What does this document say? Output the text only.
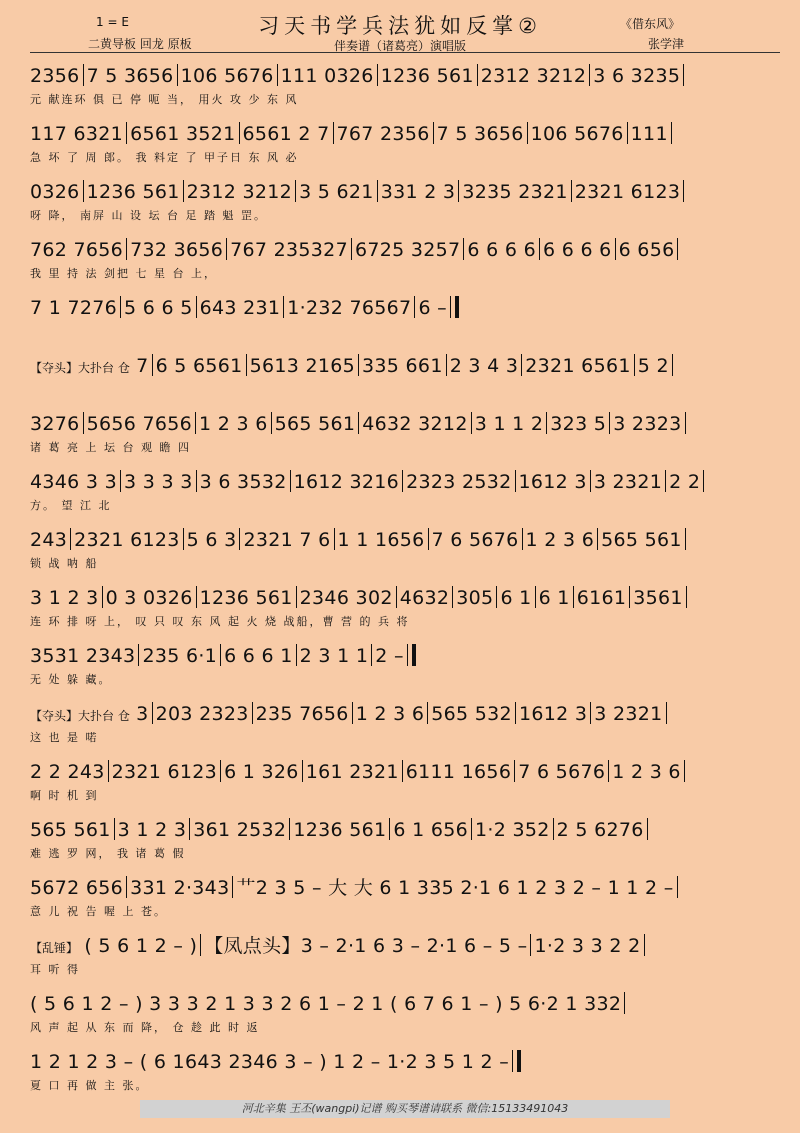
1 = E
二黄导板 回龙 原板
习天书学兵法犹如反掌②
伴奏谱（诸葛亮）演唱版
《借东风》
张学津
2356 7 5 3656 106 5676 111 0326 1236 561 2312 3212 3 6 3235
元 献连环 俱 已 停 呃 当， 用火 攻 少 东 风
117 6321 6561 3521 6561 2 7 767 2356 7 5 3656 106 5676 111
急 坏 了 周 郎。 我 料定 了 甲子日 东 风 必
0326 1236 561 2312 3212 3 5 621 331 2 3 3235 2321 2321 6123
呀 降， 南屏 山 设 坛 台 足 踏 魁 罡。
762 7656 732 3656 767 235327 6725 3257 6 6 6 6 6 6 6 6 6 656
我 里 持 法 剑把 七 星 台 上，
7 1 7276 5 6 6 5 643 231 1·232 76567 6 –
【夺头】大扑台 仓 7 6 5 6561 5613 2165 335 661 2 3 4 3 2321 6561 5 2
3276 5656 7656 1 2 3 6 565 561 4632 3212 3 1 1 2 323 5 3 2323
诸 葛 亮 上 坛 台 观 瞻 四
4346 3 3 3 3 3 3 3 6 3532 1612 3216 2323 2532 1612 3 3 2321 2 2
方。 望 江 北
243 2321 6123 5 6 3 2321 7 6 1 1 1656 7 6 5676 1 2 3 6 565 561
锁 战 呐 船
3 1 2 3 0 3 0326 1236 561 2346 302 4632 305 6 1 6 1 6161 3561
连 环 排 呀 上， 叹 只 叹 东 风 起 火 烧 战船，曹 营 的 兵 将
3531 2343 235 6·1 6 6 6 1 2 3 1 1 2 –
无 处 躲 藏。
【夺头】大扑台 仓 3 203 2323 235 7656 1 2 3 6 565 532 1612 3 3 2321
这 也 是 喏
2 2 243 2321 6123 6 1 326 161 2321 6111 1656 7 6 5676 1 2 3 6
啊 时 机 到
565 561 3 1 2 3 361 2532 1236 561 6 1 656 1·2 352 2 5 6276
难 逃 罗 网， 我 诸 葛 假
5672 656 331 2·343 艹2 3 5 – 大 大 6 1 335 2·1 6 1 2 3 2 – 1 1 2 –
意 儿 祝 告 喔 上 苍。
【乱锤】 ( 5 6 1 2 – ) 【凤点头】3 – 2·1 6 3 – 2·1 6 – 5 – 1·2 3 3 2 2
耳 听 得
( 5 6 1 2 – ) 3 3 3 2 1 3 3 2 6 1 – 2 1 ( 6 7 6 1 – ) 5 6·2 1 332
风 声 起 从 东 而 降， 仓 趁 此 时 返
1 2 1 2 3 – ( 6 1643 2346 3 – ) 1 2 – 1·2 3 5 1 2 –
夏 口 再 做 主 张。
河北辛集 王丕(wangpi)记谱 购买琴谱请联系 微信:15133491043
